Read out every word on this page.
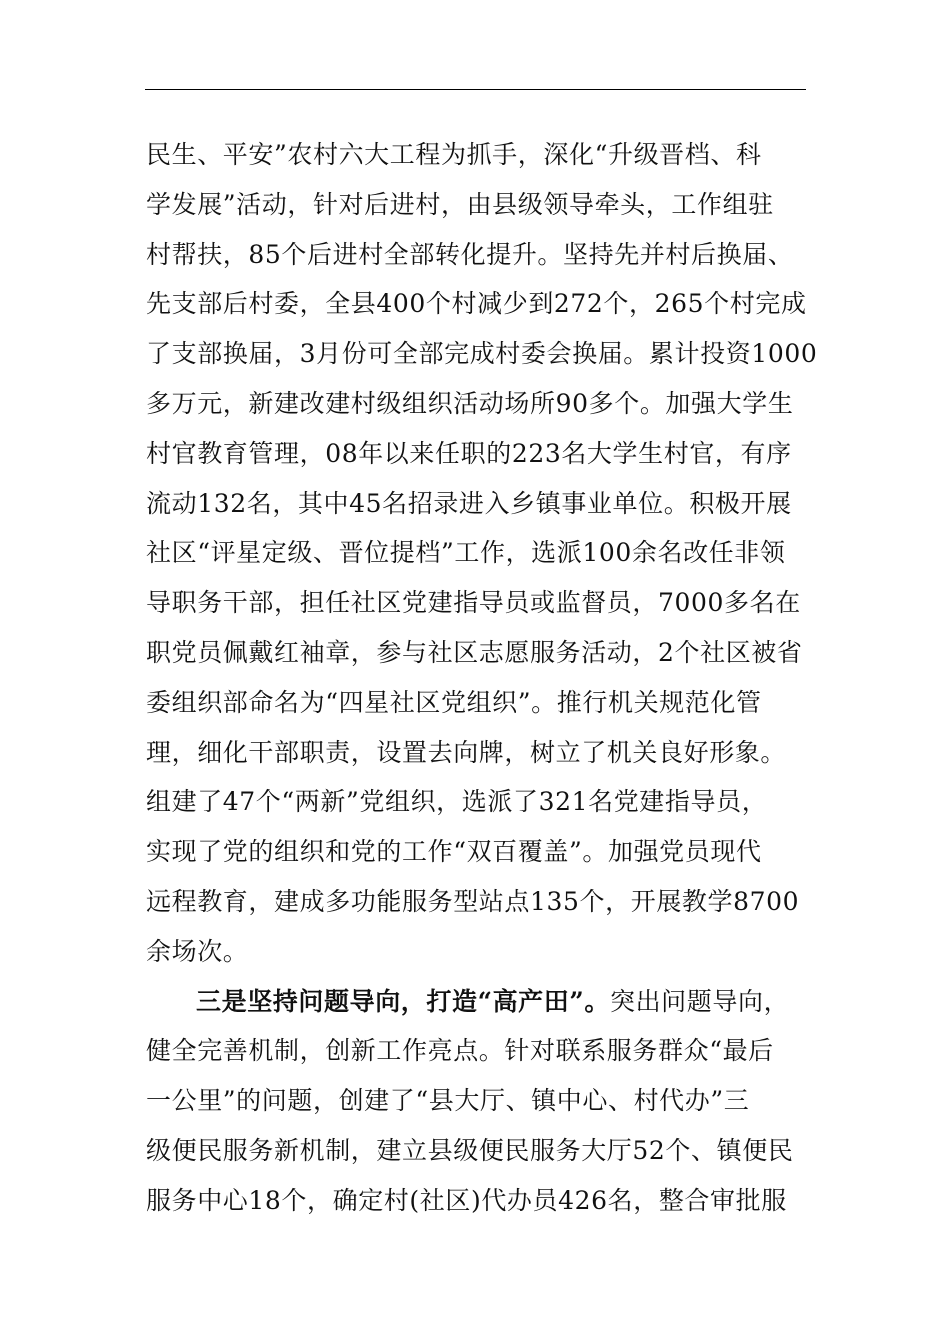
民生、平安”农村六大工程为抓手，深化“升级晋档、科
学发展”活动，针对后进村，由县级领导牵头，工作组驻
村帮扶，85个后进村全部转化提升。坚持先并村后换届、
先支部后村委，全县400个村减少到272个，265个村完成
了支部换届，3月份可全部完成村委会换届。累计投资1000
多万元，新建改建村级组织活动场所90多个。加强大学生
村官教育管理，08年以来任职的223名大学生村官，有序
流动132名，其中45名招录进入乡镇事业单位。积极开展
社区“评星定级、晋位提档”工作，选派100余名改任非领
导职务干部，担任社区党建指导员或监督员，7000多名在
职党员佩戴红袖章，参与社区志愿服务活动，2个社区被省
委组织部命名为“四星社区党组织”。推行机关规范化管
理，细化干部职责，设置去向牌，树立了机关良好形象。
组建了47个“两新”党组织，选派了321名党建指导员，
实现了党的组织和党的工作“双百覆盖”。加强党员现代
远程教育，建成多功能服务型站点135个，开展教学8700
余场次。
三是坚持问题导向，打造“高产田”。突出问题导向，
健全完善机制，创新工作亮点。针对联系服务群众“最后
一公里”的问题，创建了“县大厅、镇中心、村代办”三
级便民服务新机制，建立县级便民服务大厅52个、镇便民
服务中心18个，确定村(社区)代办员426名，整合审批服
